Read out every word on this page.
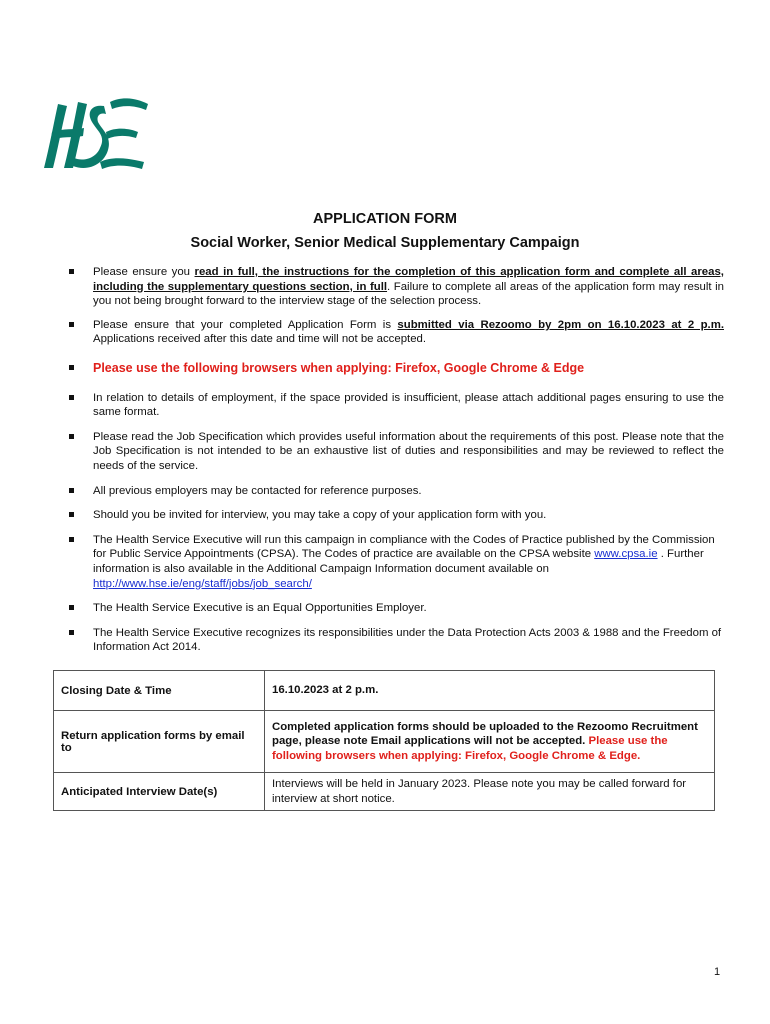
APPLICATION FORM
Social Worker, Senior Medical Supplementary Campaign
Please ensure you read in full, the instructions for the completion of this application form and complete all areas, including the supplementary questions section, in full. Failure to complete all areas of the application form may result in you not being brought forward to the interview stage of the selection process.
Please ensure that your completed Application Form is submitted via Rezoomo by 2pm on 16.10.2023 at 2 p.m. Applications received after this date and time will not be accepted.
Please use the following browsers when applying: Firefox, Google Chrome & Edge
In relation to details of employment, if the space provided is insufficient, please attach additional pages ensuring to use the same format.
Please read the Job Specification which provides useful information about the requirements of this post. Please note that the Job Specification is not intended to be an exhaustive list of duties and responsibilities and may be reviewed to reflect the needs of the service.
All previous employers may be contacted for reference purposes.
Should you be invited for interview, you may take a copy of your application form with you.
The Health Service Executive will run this campaign in compliance with the Codes of Practice published by the Commission for Public Service Appointments (CPSA). The Codes of practice are available on the CPSA website www.cpsa.ie . Further information is also available in the Additional Campaign Information document available on http://www.hse.ie/eng/staff/jobs/job_search/
The Health Service Executive is an Equal Opportunities Employer.
The Health Service Executive recognizes its responsibilities under the Data Protection Acts 2003 & 1988 and the Freedom of Information Act 2014.
Closing Date & Time	16.10.2023 at 2 p.m.
Return application forms by email to	Completed application forms should be uploaded to the Rezoomo Recruitment page, please note Email applications will not be accepted. Please use the following browsers when applying: Firefox, Google Chrome & Edge.
Anticipated Interview Date(s)	Interviews will be held in January 2023. Please note you may be called forward for interview at short notice.
1
